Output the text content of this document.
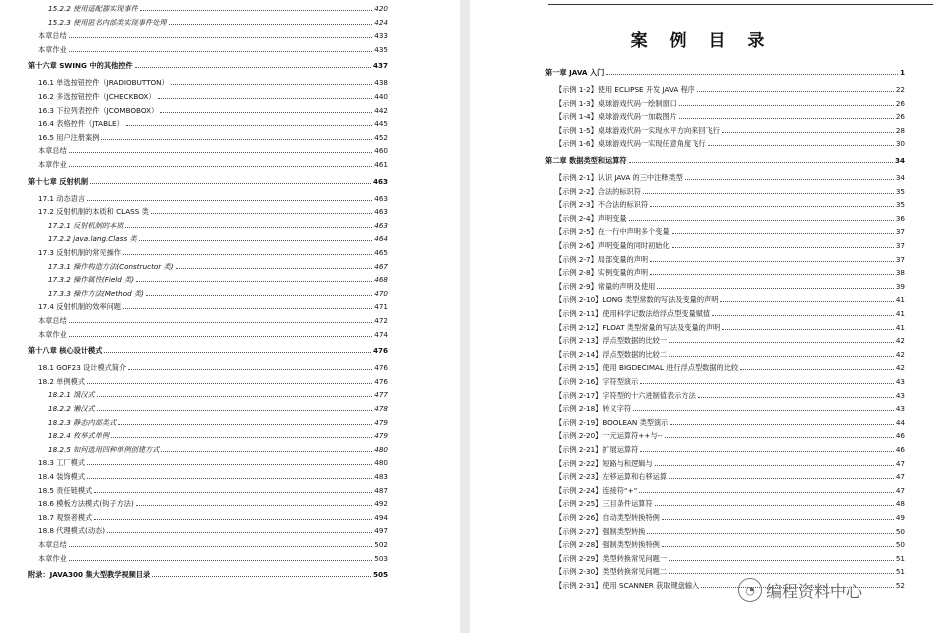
15.2.2 使用适配器实现事件	420
15.2.3 使用匿名内部类实现事件处理	424
本章总结	433
本章作业	435
第十六章 SWING 中的其他控件	437
16.1 单选按钮控件（JRADIOBUTTON）	438
16.2 多选按钮控件（JCHECKBOX）	440
16.3 下拉列表控件（JCOMBOBOX）	442
16.4 表格控件（JTABLE）	445
16.5 用户注册案例	452
本章总结	460
本章作业	461
第十七章 反射机制	463
17.1 动态语言	463
17.2 反射机制的本质和 CLASS 类	463
17.2.1 反射机制的本质	463
17.2.2 java.lang.Class 类	464
17.3 反射机制的常见操作	465
17.3.1 操作构造方法(Constructor 类)	467
17.3.2 操作属性(Field 类)	468
17.3.3 操作方法(Method 类)	470
17.4 反射机制的效率问题	471
本章总结	472
本章作业	474
第十八章 核心设计模式	476
18.1 GOF23 设计模式简介	476
18.2 单例模式	476
18.2.1 饿汉式	477
18.2.2 懒汉式	478
18.2.3 静态内部类式	479
18.2.4 枚举式单例	479
18.2.5 如何选用四种单例创建方式	480
18.3 工厂模式	480
18.4 装饰模式	483
18.5 责任链模式	487
18.6 模板方法模式(钩子方法)	492
18.7 观察者模式	494
18.8 代理模式(动态)	497
本章总结	502
本章作业	503
附录：JAVA300 集大型教学视频目录	505
案 例 目 录
第一章 JAVA 入门	1
【示例 1-2】使用 ECLIPSE 开发 JAVA 程序	22
【示例 1-3】桌球游戏代码一绘制窗口	26
【示例 1-4】桌球游戏代码一加载图片	26
【示例 1-5】桌球游戏代码一实现水平方向来回飞行	28
【示例 1-6】桌球游戏代码一实现任意角度飞行	30
第二章 数据类型和运算符	34
【示例 2-1】认识 JAVA 的三中注释类型	34
【示例 2-2】合法的标识符	35
【示例 2-3】不合法的标识符	35
【示例 2-4】声明变量	36
【示例 2-5】在一行中声明多个变量	37
【示例 2-6】声明变量的同时初始化	37
【示例 2-7】局部变量的声明	37
【示例 2-8】实例变量的声明	38
【示例 2-9】常量的声明及使用	39
【示例 2-10】LONG 类型常数的写法及变量的声明	41
【示例 2-11】使用科学记数法给浮点型变量赋值	41
【示例 2-12】FLOAT 类型常量的写法及变量的声明	41
【示例 2-13】浮点型数据的比较一	42
【示例 2-14】浮点型数据的比较二	42
【示例 2-15】使用 BIGDECIMAL 进行浮点型数据的比较	42
【示例 2-16】字符型演示	43
【示例 2-17】字符型的十六进制值表示方法	43
【示例 2-18】转义字符	43
【示例 2-19】BOOLEAN 类型演示	44
【示例 2-20】一元运算符++与--	46
【示例 2-21】扩展运算符	46
【示例 2-22】短路与和逻辑与	47
【示例 2-23】左移运算和右移运算	47
【示例 2-24】连接符“+”	47
【示例 2-25】三目条件运算符	48
【示例 2-26】自动类型转换特例	49
【示例 2-27】强制类型转换	50
【示例 2-28】强制类型转换特例	50
【示例 2-29】类型转换常见问题一	51
【示例 2-30】类型转换常见问题二	51
【示例 2-31】使用 SCANNER 获取键盘输入	52
◔ 编程资料中心
